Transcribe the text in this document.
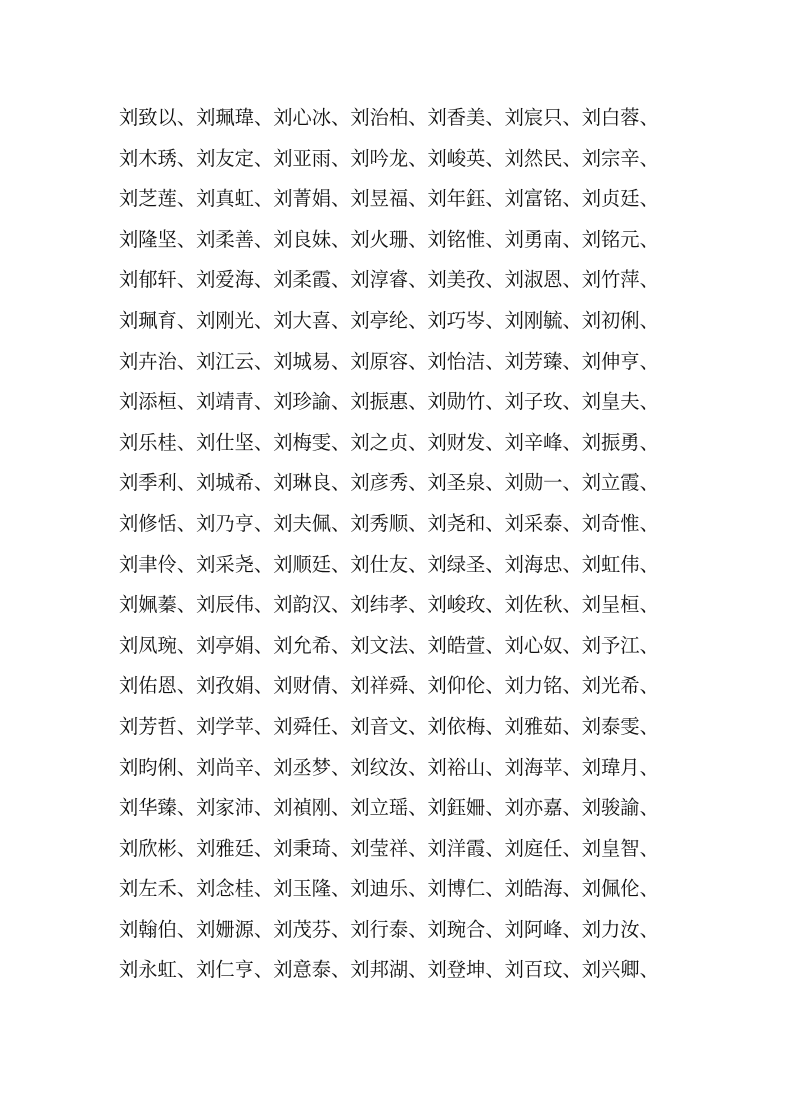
刘致以、刘珮瑋、刘心冰、刘治柏、刘香美、刘宸只、刘白蓉、
刘木琇、刘友定、刘亚雨、刘吟龙、刘峻英、刘然民、刘宗辛、
刘芝莲、刘真虹、刘菁娟、刘昱福、刘年鈺、刘富铭、刘贞廷、
刘隆坚、刘柔善、刘良妹、刘火珊、刘铭惟、刘勇南、刘铭元、
刘郁轩、刘爱海、刘柔霞、刘淳睿、刘美孜、刘淑恩、刘竹萍、
刘珮育、刘刚光、刘大喜、刘亭纶、刘巧岑、刘刚毓、刘初俐、
刘卉治、刘江云、刘城易、刘原容、刘怡洁、刘芳臻、刘伸亨、
刘添桓、刘靖青、刘珍諭、刘振惠、刘勋竹、刘子玫、刘皇夫、
刘乐桂、刘仕坚、刘梅雯、刘之贞、刘财发、刘辛峰、刘振勇、
刘季利、刘城希、刘琳良、刘彦秀、刘圣泉、刘勋一、刘立霞、
刘修恬、刘乃亨、刘夫佩、刘秀顺、刘尧和、刘采泰、刘奇惟、
刘聿伶、刘采尧、刘顺廷、刘仕友、刘绿圣、刘海忠、刘虹伟、
刘姵蓁、刘辰伟、刘韵汉、刘纬孝、刘峻玫、刘佐秋、刘呈桓、
刘凤琬、刘亭娟、刘允希、刘文法、刘皓萱、刘心奴、刘予江、
刘佑恩、刘孜娟、刘财倩、刘祥舜、刘仰伦、刘力铭、刘光希、
刘芳哲、刘学苹、刘舜任、刘音文、刘依梅、刘雅茹、刘泰雯、
刘昀俐、刘尚辛、刘丞梦、刘纹汝、刘裕山、刘海苹、刘瑋月、
刘华臻、刘家沛、刘禎刚、刘立瑶、刘鈺姍、刘亦嘉、刘骏諭、
刘欣彬、刘雅廷、刘秉琦、刘莹祥、刘洋霞、刘庭任、刘皇智、
刘左禾、刘念桂、刘玉隆、刘迪乐、刘博仁、刘皓海、刘佩伦、
刘翰伯、刘姗源、刘茂芬、刘行泰、刘琬合、刘阿峰、刘力汝、
刘永虹、刘仁亨、刘意泰、刘邦湖、刘登坤、刘百玟、刘兴卿、
